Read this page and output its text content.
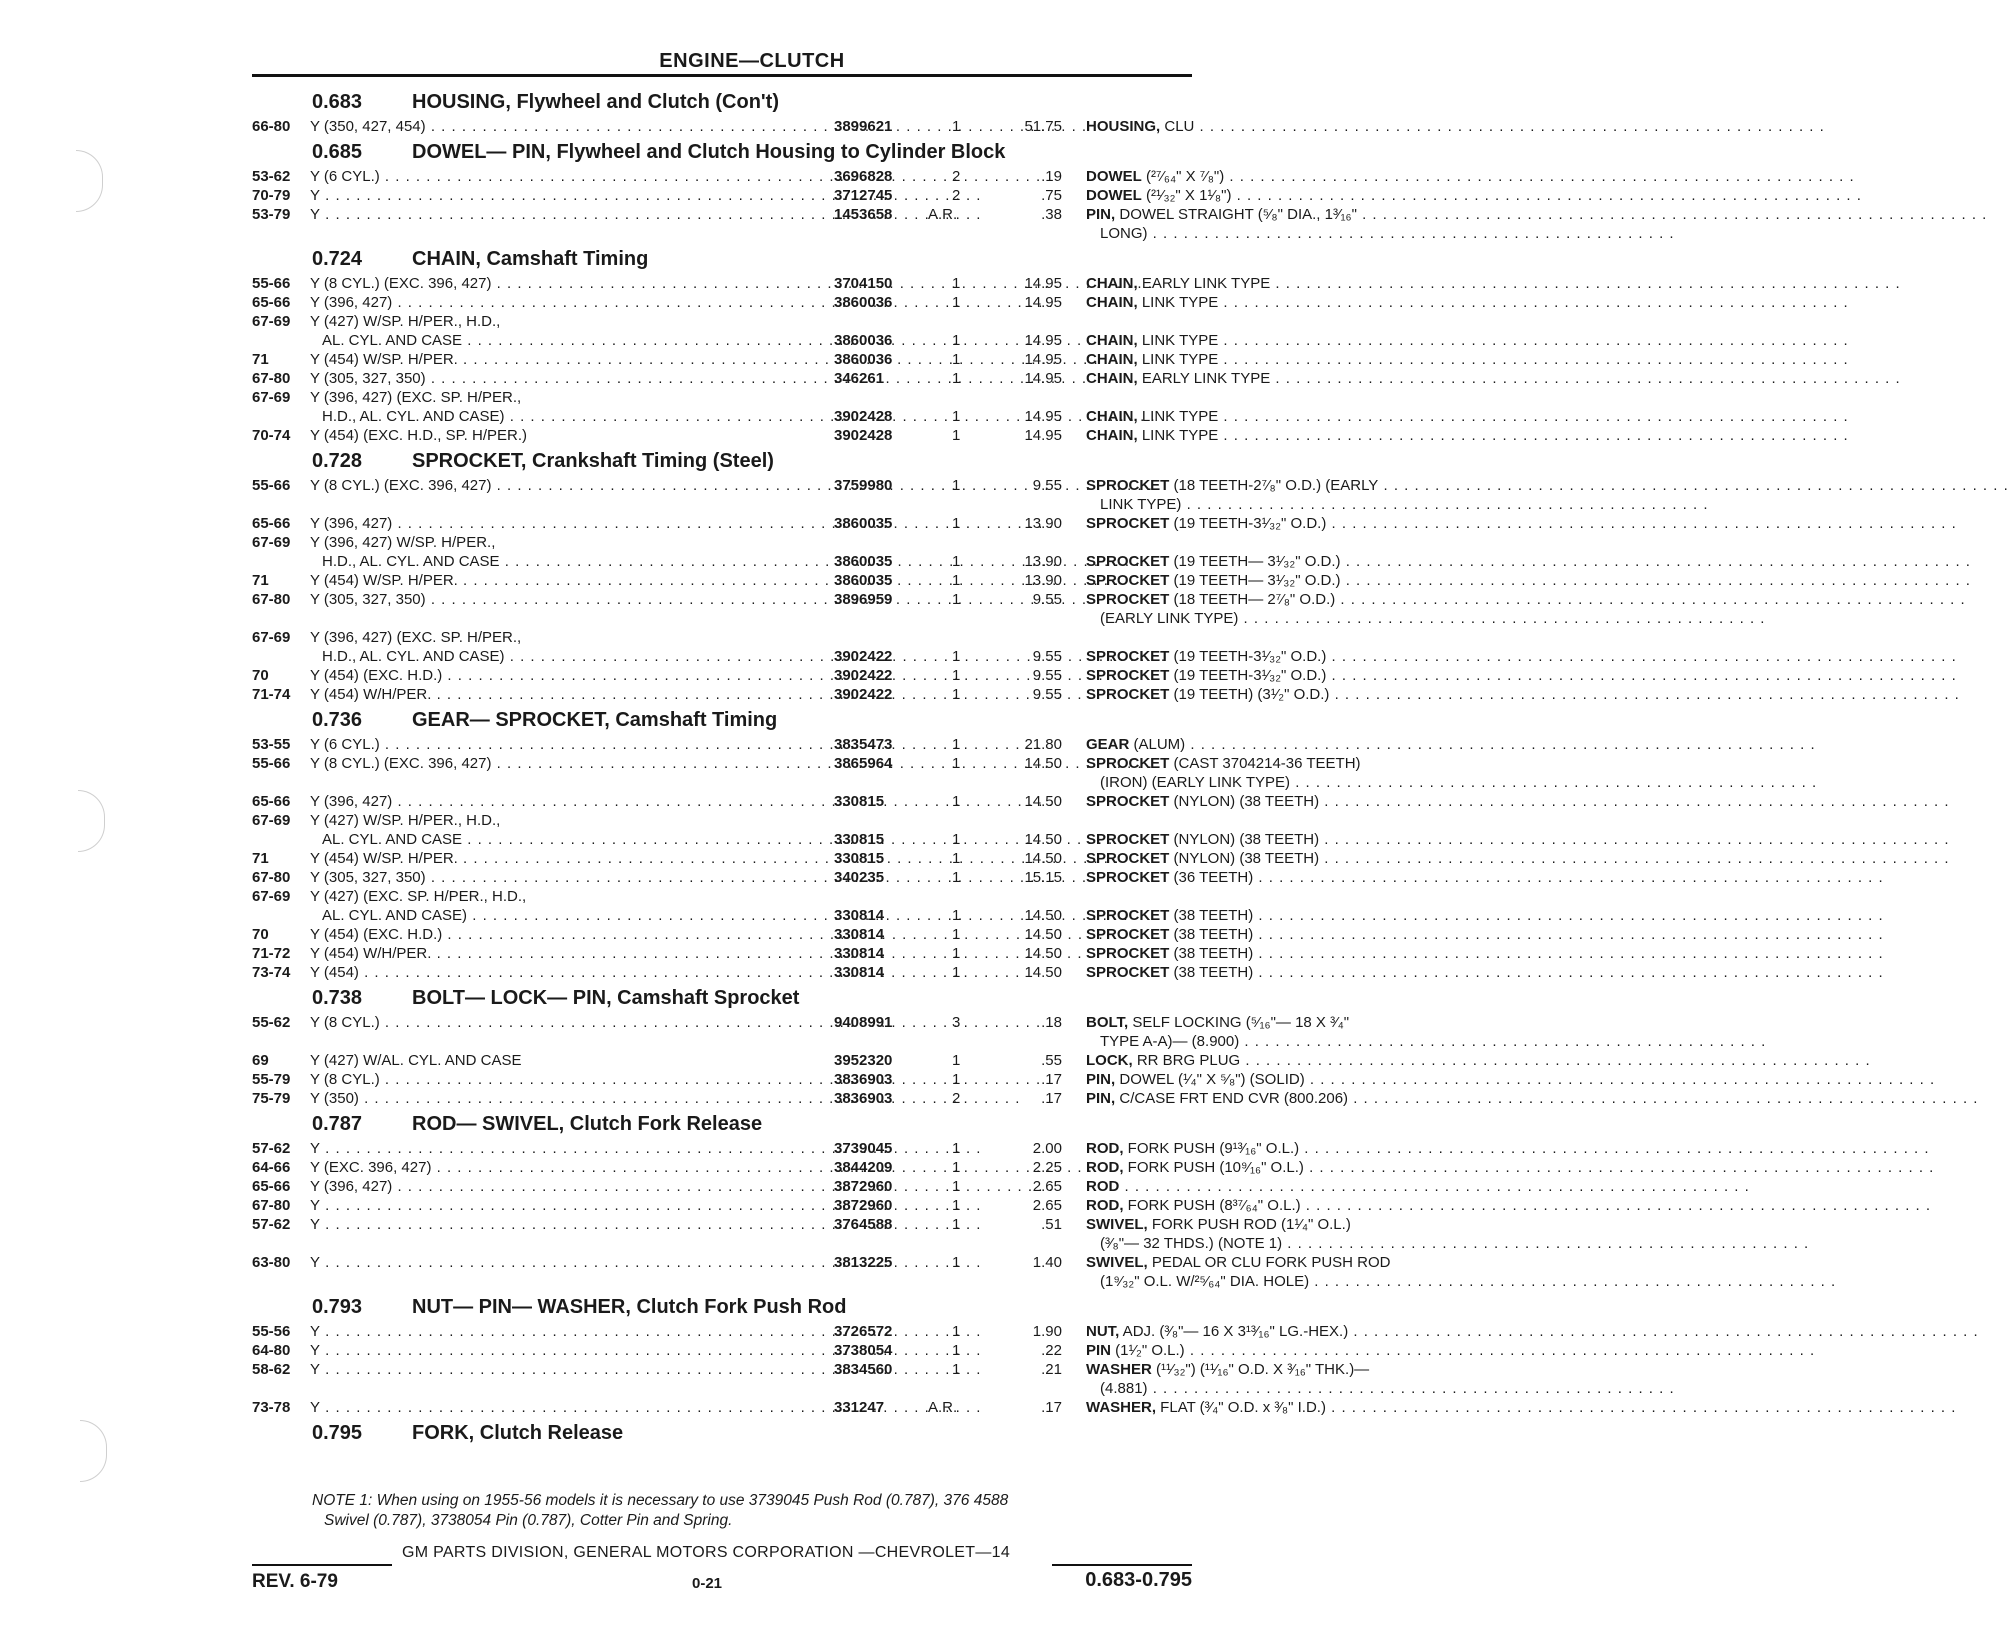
ENGINE—CLUTCH
0.683 HOUSING, Flywheel and Clutch (Con't)
66-80 Y (350, 427, 454) . . .	3899621	1	51.75 HOUSING, CLU . . .
0.685 DOWEL— PIN, Flywheel and Clutch Housing to Cylinder Block
53-62 Y (6 CYL.) . . .	3696828	2	.19 DOWEL (²⁷⁄₆₄" X ⁷⁄₈") . . .
70-79 Y . . .	3712745	2	.75 DOWEL (²¹⁄₃₂" X 1¹⁄₈") . . .
53-79 Y . . .	1453658 A.R.	.38 PIN, DOWEL STRAIGHT (⁵⁄₈" DIA., 1³⁄₁₆" . . .
LONG) . . .
0.724 CHAIN, Camshaft Timing
55-66 Y (8 CYL.) (EXC. 396, 427) . . .	3704150	1	14.95 CHAIN, EARLY LINK TYPE . . .
65-66 Y (396, 427) . . .	3860036	1	14.95 CHAIN, LINK TYPE . . .
67-69 Y (427) W/SP. H/PER., H.D.,
AL. CYL. AND CASE . . .	3860036	1	14.95 CHAIN, LINK TYPE . . .
71	Y (454) W/SP. H/PER. . . .	3860036	1	14.95 CHAIN, LINK TYPE . . .
67-80 Y (305, 327, 350) . . .	346261	1	14.95 CHAIN, EARLY LINK TYPE . . .
67-69 Y (396, 427) (EXC. SP. H/PER.,
H.D., AL. CYL. AND CASE) . . .	3902428	1	14.95 CHAIN, LINK TYPE . . .
70-74 Y (454) (EXC. H.D., SP. H/PER.)	3902428	1	14.95 CHAIN, LINK TYPE . . .
0.728 SPROCKET, Crankshaft Timing (Steel)
55-66 Y (8 CYL.) (EXC. 396, 427) . . .	3759980	1	9.55 SPROCKET (18 TEETH-2⁷⁄₈" O.D.) (EARLY . . .
LINK TYPE) . . .
65-66 Y (396, 427) . . .	3860035	1	13.90 SPROCKET (19 TEETH-3¹⁄₃₂" O.D.) . . .
67-69 Y (396, 427) W/SP. H/PER.,
H.D., AL. CYL. AND CASE . . .	3860035	1	13.90 SPROCKET (19 TEETH— 3¹⁄₃₂" O.D.) . . .
71	Y (454) W/SP. H/PER. . . .	3860035	1	13.90 SPROCKET (19 TEETH— 3¹⁄₃₂" O.D.) . . .
67-80 Y (305, 327, 350) . . .	3896959	1	9.55 SPROCKET (18 TEETH— 2⁷⁄₈" O.D.) . . .
(EARLY LINK TYPE) . . .
67-69 Y (396, 427) (EXC. SP. H/PER.,
H.D., AL. CYL. AND CASE) . . .	3902422	1	9.55 SPROCKET (19 TEETH-3¹⁄₃₂" O.D.) . . .
70	Y (454) (EXC. H.D.) . . .	3902422	1	9.55 SPROCKET (19 TEETH-3¹⁄₃₂" O.D.) . . .
71-74 Y (454) W/H/PER. . . .	3902422	1	9.55 SPROCKET (19 TEETH) (3¹⁄₂" O.D.) . . .
0.736 GEAR— SPROCKET, Camshaft Timing
53-55 Y (6 CYL.) . . .	3835473	1	21.80 GEAR (ALUM) . . .
55-66 Y (8 CYL.) (EXC. 396, 427) . . .	3865964	1	14.50 SPROCKET (CAST 3704214-36 TEETH)
(IRON) (EARLY LINK TYPE) . . .
65-66 Y (396, 427) . . .	330815	1	14.50 SPROCKET (NYLON) (38 TEETH) . . .
67-69 Y (427) W/SP. H/PER., H.D.,
AL. CYL. AND CASE . . .	330815	1	14.50 SPROCKET (NYLON) (38 TEETH) . . .
71	Y (454) W/SP. H/PER. . . .	330815	1	14.50 SPROCKET (NYLON) (38 TEETH) . . .
67-80 Y (305, 327, 350) . . .	340235	1	15.15 SPROCKET (36 TEETH) . . .
67-69 Y (427) (EXC. SP. H/PER., H.D.,
AL. CYL. AND CASE) . . .	330814	1	14.50 SPROCKET (38 TEETH) . . .
70	Y (454) (EXC. H.D.) . . .	330814	1	14.50 SPROCKET (38 TEETH) . . .
71-72 Y (454) W/H/PER. . . .	330814	1	14.50 SPROCKET (38 TEETH) . . .
73-74 Y (454) . . .	330814	1	14.50 SPROCKET (38 TEETH) . . .
0.738 BOLT— LOCK— PIN, Camshaft Sprocket
55-62 Y (8 CYL.) . . .	9408991	3	.18 BOLT, SELF LOCKING (⁵⁄₁₆"— 18 X ³⁄₄"
TYPE A-A)— (8.900) . . .
69	Y (427) W/AL. CYL. AND CASE	3952320	1	.55 LOCK, RR BRG PLUG . . .
55-79 Y (8 CYL.) . . .	3836903	1	.17 PIN, DOWEL (¹⁄₄" X ⁵⁄₈") (SOLID) . . .
75-79 Y (350) . . .	3836903	2	.17 PIN, C/CASE FRT END CVR (800.206) . . .
0.787 ROD— SWIVEL, Clutch Fork Release
57-62 Y . . .	3739045	1	2.00 ROD, FORK PUSH (9¹³⁄₁₆" O.L.) . . .
64-66 Y (EXC. 396, 427) . . .	3844209	1	2.25 ROD, FORK PUSH (10⁹⁄₁₆" O.L.) . . .
65-66 Y (396, 427) . . .	3872960	1	2.65 ROD . . .
67-80 Y . . .	3872960	1	2.65 ROD, FORK PUSH (8³⁷⁄₆₄" O.L.) . . .
57-62 Y . . .	3764588	1	.51 SWIVEL, FORK PUSH ROD (1¹⁄₄" O.L.)
(³⁄₈"— 32 THDS.) (NOTE 1) . . .
63-80 Y . . .	3813225	1	1.40 SWIVEL, PEDAL OR CLU FORK PUSH ROD
(1⁹⁄₃₂" O.L. W/²⁵⁄₆₄" DIA. HOLE) . . .
0.793 NUT— PIN— WASHER, Clutch Fork Push Rod
55-56 Y . . .	3726572	1	1.90 NUT, ADJ. (³⁄₈"— 16 X 3¹³⁄₁₆" LG.-HEX.) . . .
64-80 Y . . .	3738054	1	.22 PIN (1¹⁄₂" O.L.) . . .
58-62 Y . . .	3834560	1	.21 WASHER (¹¹⁄₃₂") (¹¹⁄₁₆" O.D. X ³⁄₁₆" THK.)—
(4.881) . . .
73-78 Y . . .	331247	A.R.	.17 WASHER, FLAT (³⁄₄" O.D. x ³⁄₈" I.D.) . . .
0.795 FORK, Clutch Release
NOTE 1: When using on 1955-56 models it is necessary to use 3739045 Push Rod (0.787), 376 4588
Swivel (0.787), 3738054 Pin (0.787), Cotter Pin and Spring.
GM PARTS DIVISION, GENERAL MOTORS CORPORATION —CHEVROLET—14
REV. 6-79	0-21	0.683-0.795
